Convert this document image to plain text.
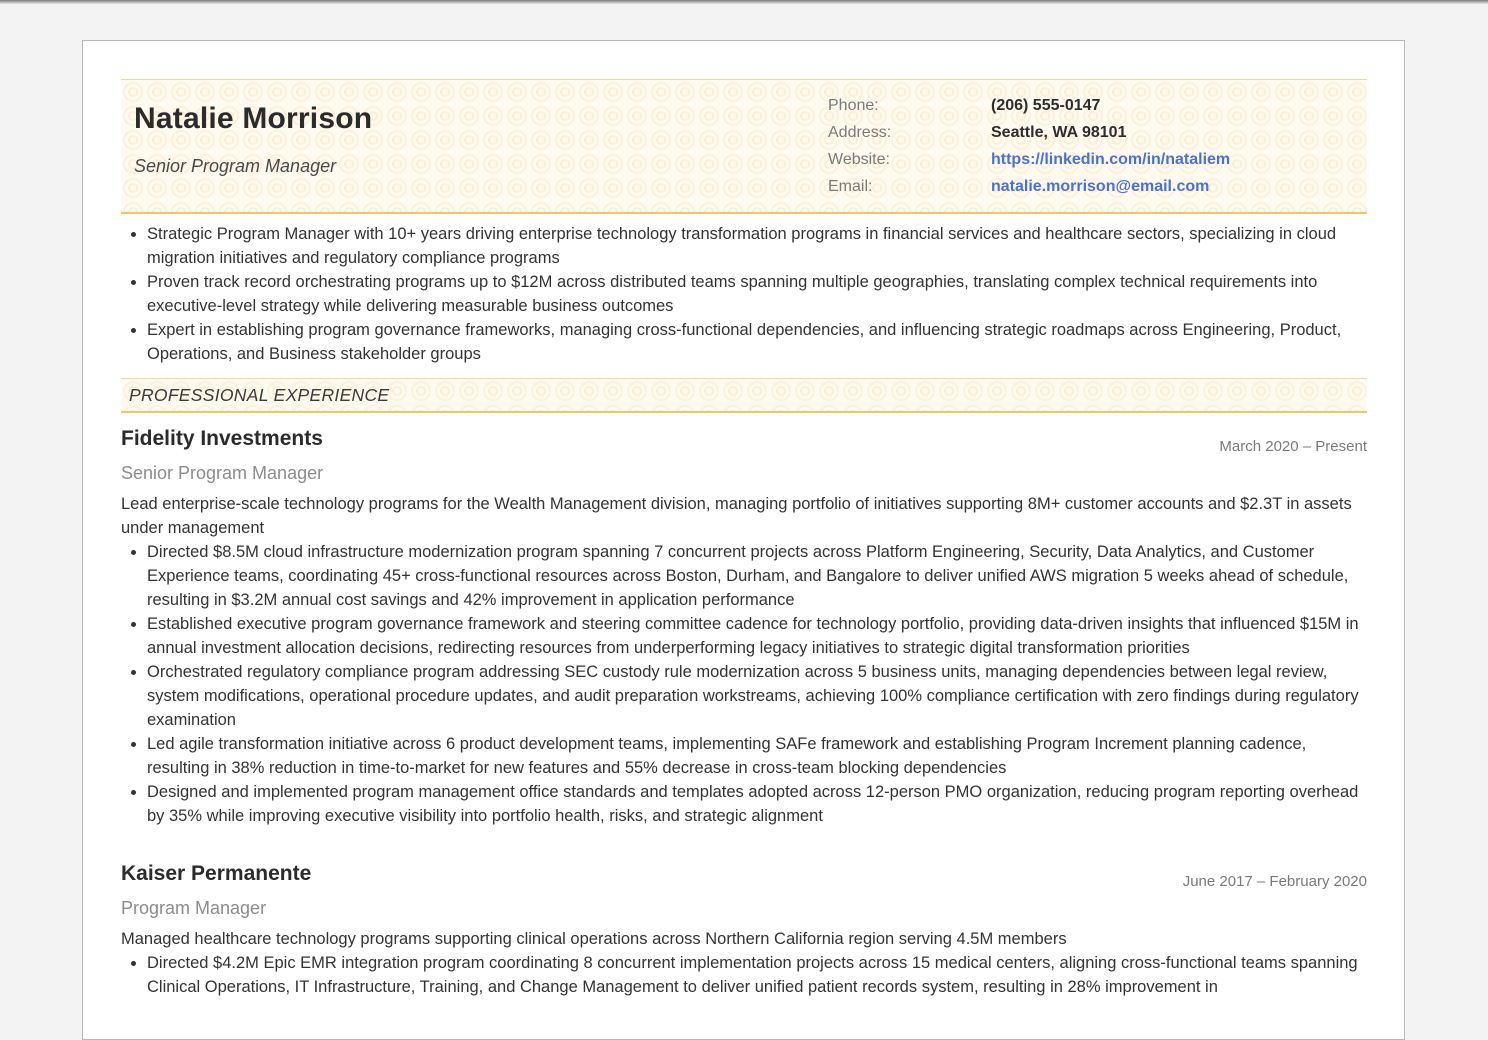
Natalie Morrison
Senior Program Manager
Phone:	(206) 555-0147
Address:	Seattle, WA 98101
Website:	https://linkedin.com/in/nataliem
Email:	natalie.morrison@email.com
• Strategic Program Manager with 10+ years driving enterprise technology transformation programs in financial services and healthcare sectors, specializing in cloud migration initiatives and regulatory compliance programs
• Proven track record orchestrating programs up to $12M across distributed teams spanning multiple geographies, translating complex technical requirements into executive-level strategy while delivering measurable business outcomes
• Expert in establishing program governance frameworks, managing cross-functional dependencies, and influencing strategic roadmaps across Engineering, Product, Operations, and Business stakeholder groups
PROFESSIONAL EXPERIENCE
Fidelity Investments	March 2020 – Present
Senior Program Manager
Lead enterprise-scale technology programs for the Wealth Management division, managing portfolio of initiatives supporting 8M+ customer accounts and $2.3T in assets under management
• Directed $8.5M cloud infrastructure modernization program spanning 7 concurrent projects across Platform Engineering, Security, Data Analytics, and Customer Experience teams, coordinating 45+ cross-functional resources across Boston, Durham, and Bangalore to deliver unified AWS migration 5 weeks ahead of schedule, resulting in $3.2M annual cost savings and 42% improvement in application performance
• Established executive program governance framework and steering committee cadence for technology portfolio, providing data-driven insights that influenced $15M in annual investment allocation decisions, redirecting resources from underperforming legacy initiatives to strategic digital transformation priorities
• Orchestrated regulatory compliance program addressing SEC custody rule modernization across 5 business units, managing dependencies between legal review, system modifications, operational procedure updates, and audit preparation workstreams, achieving 100% compliance certification with zero findings during regulatory examination
• Led agile transformation initiative across 6 product development teams, implementing SAFe framework and establishing Program Increment planning cadence, resulting in 38% reduction in time-to-market for new features and 55% decrease in cross-team blocking dependencies
• Designed and implemented program management office standards and templates adopted across 12-person PMO organization, reducing program reporting overhead by 35% while improving executive visibility into portfolio health, risks, and strategic alignment
Kaiser Permanente	June 2017 – February 2020
Program Manager
Managed healthcare technology programs supporting clinical operations across Northern California region serving 4.5M members
• Directed $4.2M Epic EMR integration program coordinating 8 concurrent implementation projects across 15 medical centers, aligning cross-functional teams spanning Clinical Operations, IT Infrastructure, Training, and Change Management to deliver unified patient records system, resulting in 28% improvement in
